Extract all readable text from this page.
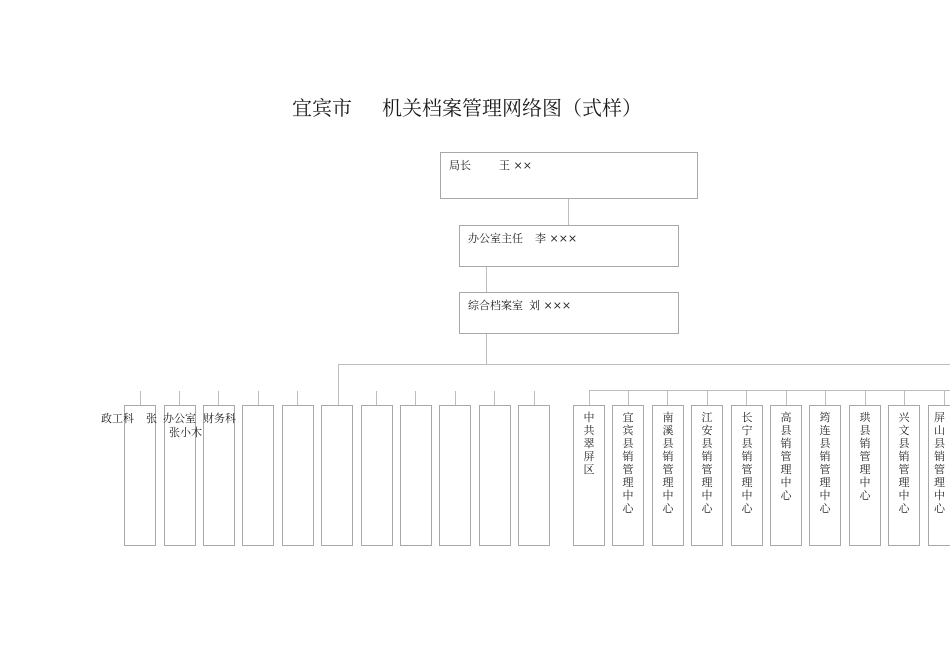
宜宾市 机关档案管理网络图（式样）
局长	王 ××
办公室主任 李 ×××
综合档案室 刘 ×××
政工科 张 办公室
张小木
财务科	中共翠屏区
宜宾县销管理中心
南溪县销管理中心
江安县销管理中心
长宁县销管理中心
高　县销管理中心
筠连县销管理中心
珙县销管理中心
兴文县销管理中心
屏山县销管理中心
